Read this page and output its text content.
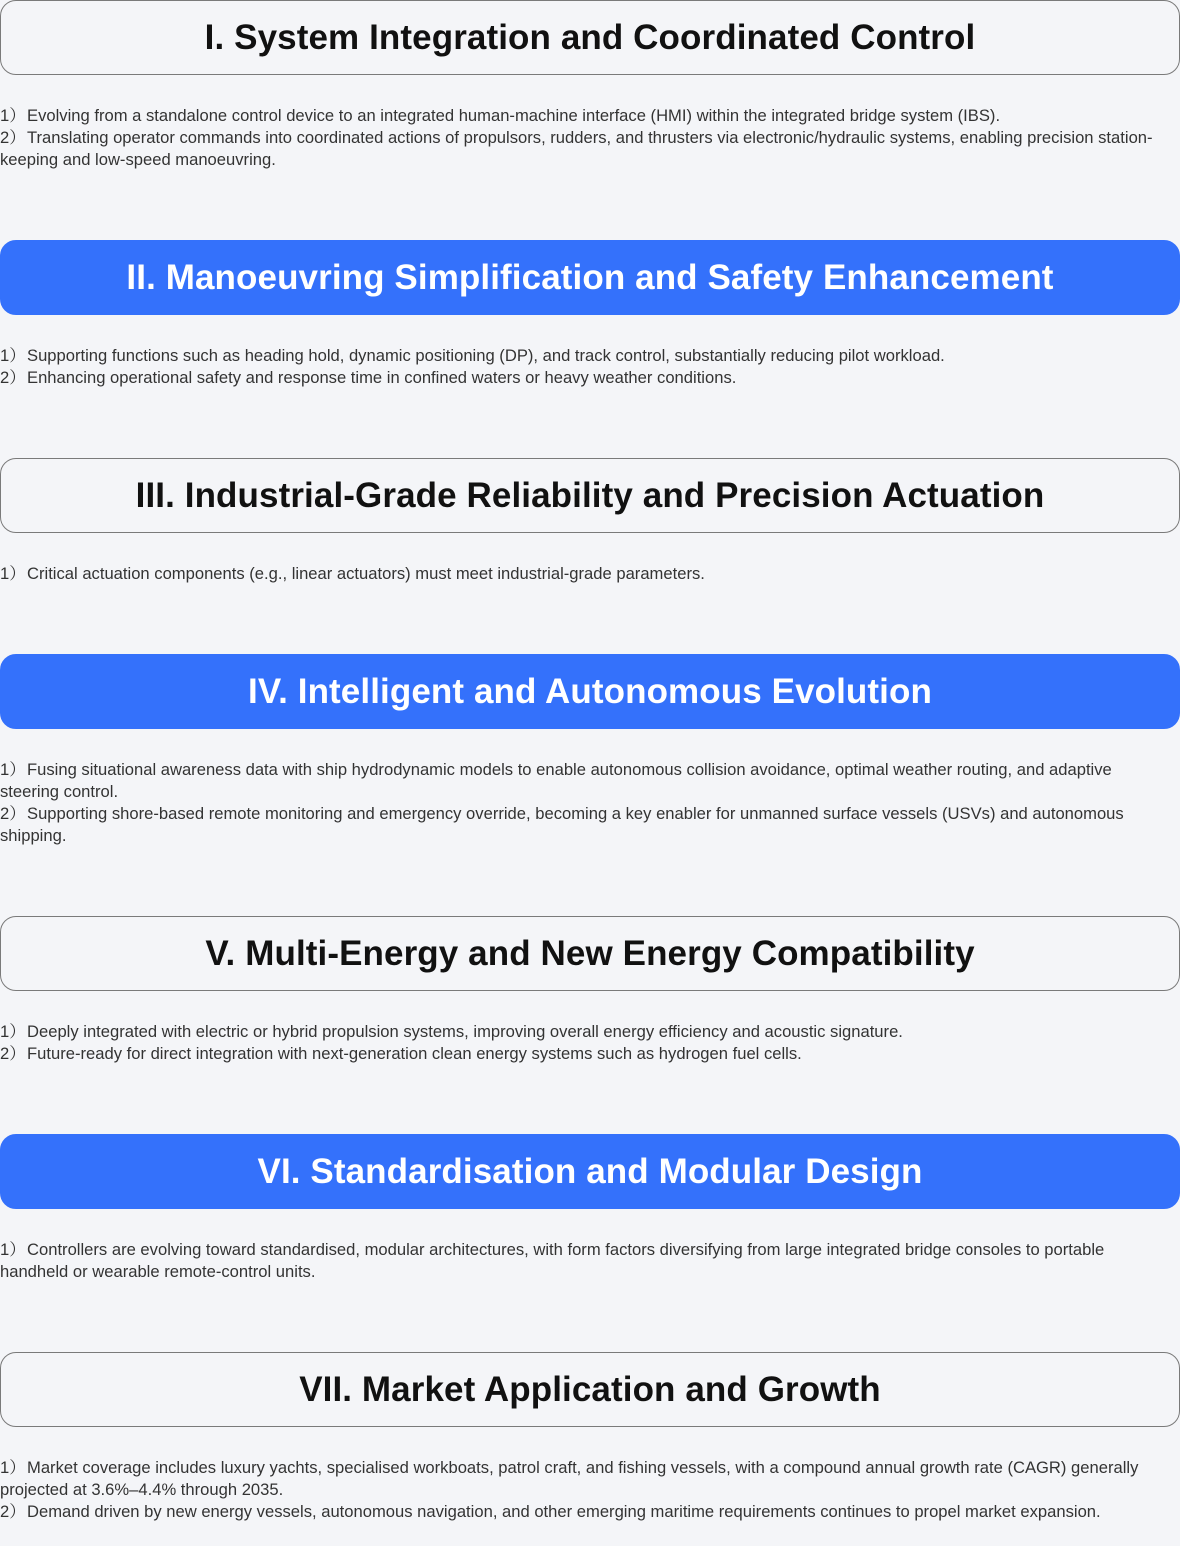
I. System Integration and Coordinated Control
1）Evolving from a standalone control device to an integrated human-machine interface (HMI) within the integrated bridge system (IBS).
2）Translating operator commands into coordinated actions of propulsors, rudders, and thrusters via electronic/hydraulic systems, enabling precision station-keeping and low-speed manoeuvring.
II. Manoeuvring Simplification and Safety Enhancement
1）Supporting functions such as heading hold, dynamic positioning (DP), and track control, substantially reducing pilot workload.
2）Enhancing operational safety and response time in confined waters or heavy weather conditions.
III. Industrial-Grade Reliability and Precision Actuation
1）Critical actuation components (e.g., linear actuators) must meet industrial-grade parameters.
IV. Intelligent and Autonomous Evolution
1）Fusing situational awareness data with ship hydrodynamic models to enable autonomous collision avoidance, optimal weather routing, and adaptive steering control.
2）Supporting shore-based remote monitoring and emergency override, becoming a key enabler for unmanned surface vessels (USVs) and autonomous shipping.
V. Multi-Energy and New Energy Compatibility
1）Deeply integrated with electric or hybrid propulsion systems, improving overall energy efficiency and acoustic signature.
2）Future-ready for direct integration with next-generation clean energy systems such as hydrogen fuel cells.
VI. Standardisation and Modular Design
1）Controllers are evolving toward standardised, modular architectures, with form factors diversifying from large integrated bridge consoles to portable handheld or wearable remote-control units.
VII. Market Application and Growth
1）Market coverage includes luxury yachts, specialised workboats, patrol craft, and fishing vessels, with a compound annual growth rate (CAGR) generally projected at 3.6%–4.4% through 2035.
2）Demand driven by new energy vessels, autonomous navigation, and other emerging maritime requirements continues to propel market expansion.
